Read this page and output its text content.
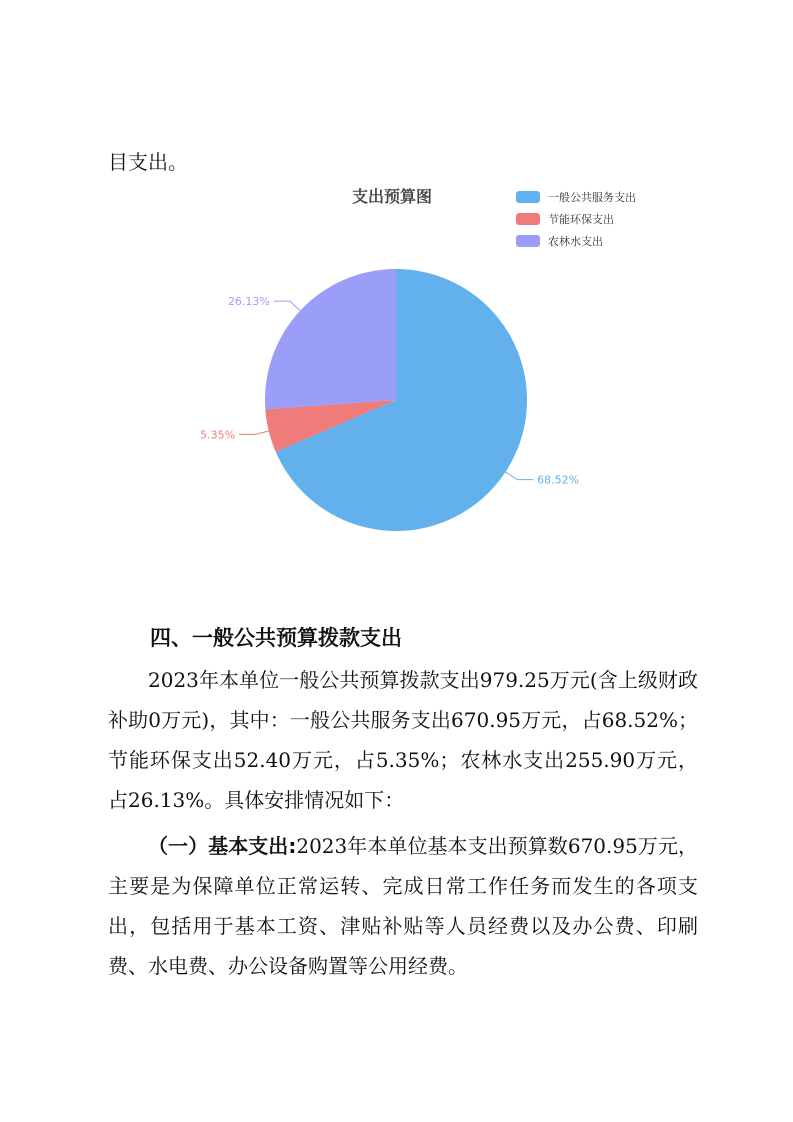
目支出。
支出预算图	一般公共服务支出
节能环保支出
农林水支出
68.52%
5.35%
26.13%
四、一般公共预算拨款支出
2023年本单位一般公共预算拨款支出979.25万元(含上级财政补助0万元)，其中：一般公共服务支出670.95万元，占68.52%；节能环保支出52.40万元，占5.35%；农林水支出255.90万元，占26.13%。具体安排情况如下：
（一）基本支出:2023年本单位基本支出预算数670.95万元，主要是为保障单位正常运转、完成日常工作任务而发生的各项支出，包括用于基本工资、津贴补贴等人员经费以及办公费、印刷费、水电费、办公设备购置等公用经费。
